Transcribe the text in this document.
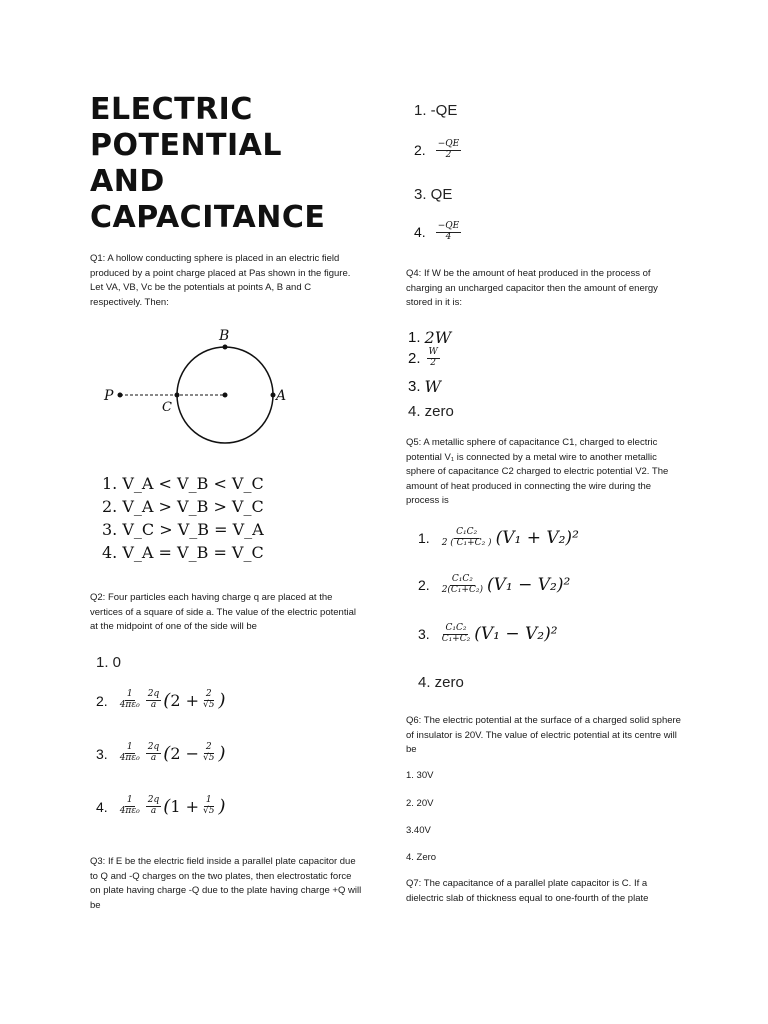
ELECTRIC
POTENTIAL
AND
CAPACITANCE
Q1: A hollow conducting sphere is placed in an electric field produced by a point charge placed at Pas shown in the figure. Let VA, VB, Vc be the potentials at points A, B and C respectively. Then:
B
P
C
A
1. V_A < V_B < V_C
2. V_A > V_B > V_C
3. V_C > V_B = V_A
4. V_A = V_B = V_C
Q2: Four particles each having charge q are placed at the vertices of a square of side a. The value of the electric potential at the midpoint of one of the side will be
1. 0
2. $\frac{1}{\text{4πε₀}} \frac{2q}{a}$ ( $2 + \frac{2}{√5}$ )
3. $\frac{1}{\text{4πε₀}} \frac{2q}{a}$ ( $2 - \frac{2}{√5}$ )
4. $\frac{1}{\text{4πε₀}} \frac{2q}{a}$ ( $1 + \frac{1}{√5}$ )
Q3: If E be the electric field inside a parallel plate capacitor due to Q and -Q charges on the two plates, then electrostatic force on plate having charge -Q due to the plate having charge +Q will be
1. -QE
2. $\frac{-QE}{2}$
3. QE
4. $\frac{-QE}{4}$
Q4: If W be the amount of heat produced in the process of charging an uncharged capacitor then the amount of energy stored in it is:
1. 2W
2. $\frac{W}{2}$
3. W
4. zero
Q5: A metallic sphere of capacitance C1, charged to electric potential V₁ is connected by a metal wire to another metallic sphere of capacitance C2 charged to electric potential V2. The amount of heat produced in connecting the wire during the process is
1. $\frac{\text{C₁C₂}}{\text{2 ( C₁+C₂ )}} (V_1 + V_2)^2$
2. $\frac{\text{C₁C₂}}{\text{2(C₁+C₂)}} (V_1 - V_2)^2$
3. $\frac{\text{C₁C₂}}{\text{C₁+C₂}} (V_1 - V_2)^2$
4. zero
Q6: The electric potential at the surface of a charged solid sphere of insulator is 20V. The value of electric potential at its centre will be
1. 30V
2. 20V
3.40V
4. Zero
Q7: The capacitance of a parallel plate capacitor is C. If a dielectric slab of thickness equal to one-fourth of the plate
